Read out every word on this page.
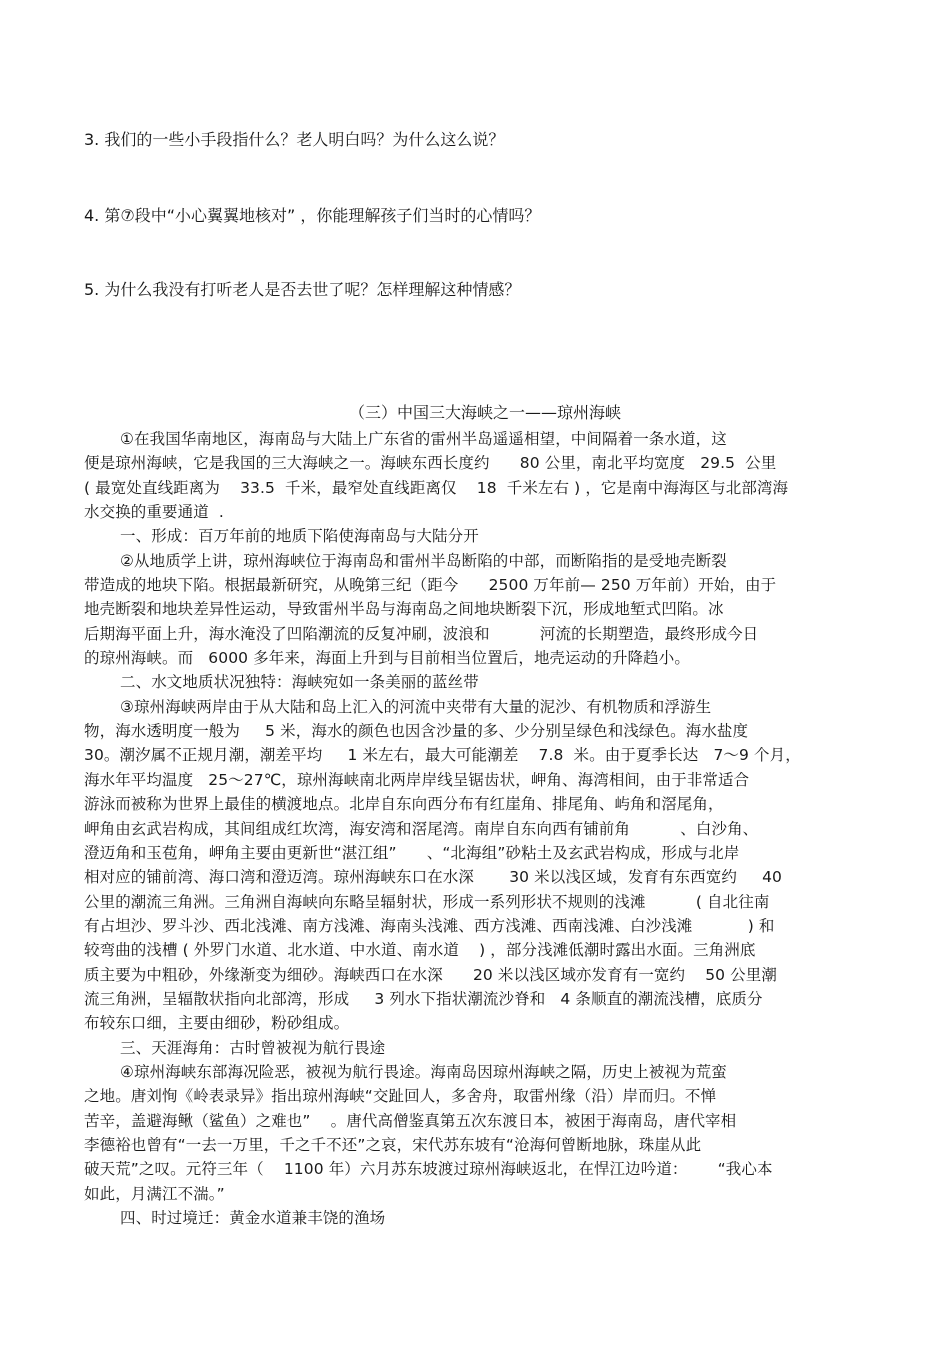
3. 我们的一些小手段指什么？老人明白吗？为什么这么说？
4. 第⑦段中“小心翼翼地核对” ，你能理解孩子们当时的心情吗？
5. 为什么我没有打听老人是否去世了呢？怎样理解这种情感？
（三）中国三大海峡之一——琼州海峡
①在我国华南地区，海南岛与大陆上广东省的雷州半岛遥遥相望，中间隔着一条水道，这
便是琼州海峡，它是我国的三大海峡之一。海峡东西长度约      80 公里，南北平均宽度   29.5  公里
( 最宽处直线距离为    33.5  千米，最窄处直线距离仅    18  千米左右 ) ，它是南中海海区与北部湾海
水交换的重要通道  .
一、形成：百万年前的地质下陷使海南岛与大陆分开
②从地质学上讲，琼州海峡位于海南岛和雷州半岛断陷的中部，而断陷指的是受地壳断裂
带造成的地块下陷。根据最新研究，从晚第三纪（距今      2500 万年前— 250 万年前）开始，由于
地壳断裂和地块差异性运动，导致雷州半岛与海南岛之间地块断裂下沉，形成地堑式凹陷。冰
后期海平面上升，海水淹没了凹陷潮流的反复冲刷，波浪和          河流的长期塑造，最终形成今日
的琼州海峡。而   6000 多年来，海面上升到与目前相当位置后，地壳运动的升降趋小。
二、水文地质状况独特：海峡宛如一条美丽的蓝丝带
③琼州海峡两岸由于从大陆和岛上汇入的河流中夹带有大量的泥沙、有机物质和浮游生
物，海水透明度一般为     5 米，海水的颜色也因含沙量的多、少分别呈绿色和浅绿色。海水盐度
30。潮汐属不正规月潮，潮差平均     1 米左右，最大可能潮差    7.8  米。由于夏季长达   7～9 个月，
海水年平均温度   25～27℃，琼州海峡南北两岸岸线呈锯齿状，岬角、海湾相间，由于非常适合
游泳而被称为世界上最佳的横渡地点。北岸自东向西分布有红崖角、排尾角、屿角和滘尾角，
岬角由玄武岩构成，其间组成红坎湾，海安湾和滘尾湾。南岸自东向西有铺前角          、白沙角、
澄迈角和玉苞角，岬角主要由更新世“湛江组”      、“北海组”砂粘土及玄武岩构成，形成与北岸
相对应的铺前湾、海口湾和澄迈湾。琼州海峡东口在水深       30 米以浅区域，发育有东西宽约     40
公里的潮流三角洲。三角洲自海峡向东略呈辐射状，形成一系列形状不规则的浅滩          ( 自北往南
有占坦沙、罗斗沙、西北浅滩、南方浅滩、海南头浅滩、西方浅滩、西南浅滩、白沙浅滩           ) 和
较弯曲的浅槽 ( 外罗门水道、北水道、中水道、南水道    ) ，部分浅滩低潮时露出水面。三角洲底
质主要为中粗砂，外缘渐变为细砂。海峡西口在水深      20 米以浅区域亦发育有一宽约    50 公里潮
流三角洲，呈辐散状指向北部湾，形成     3 列水下指状潮流沙脊和   4 条顺直的潮流浅槽，底质分
布较东口细，主要由细砂，粉砂组成。
三、天涯海角：古时曾被视为航行畏途
④琼州海峡东部海况险恶，被视为航行畏途。海南岛因琼州海峡之隔，历史上被视为荒蛮
之地。唐刘恂《岭表录异》指出琼州海峡“交趾回人，多舍舟，取雷州缘（沿）岸而归。不惮
苦辛，盖避海鳅（鲨鱼）之难也”    。唐代高僧鉴真第五次东渡日本，被困于海南岛，唐代宰相
李德裕也曾有“一去一万里，千之千不还”之哀，宋代苏东坡有“沧海何曾断地脉，珠崖从此
破天荒”之叹。元符三年（    1100 年）六月苏东坡渡过琼州海峡返北，在悍江边吟道：      “我心本
如此，月满江不湍。”
四、时过境迁：黄金水道兼丰饶的渔场
